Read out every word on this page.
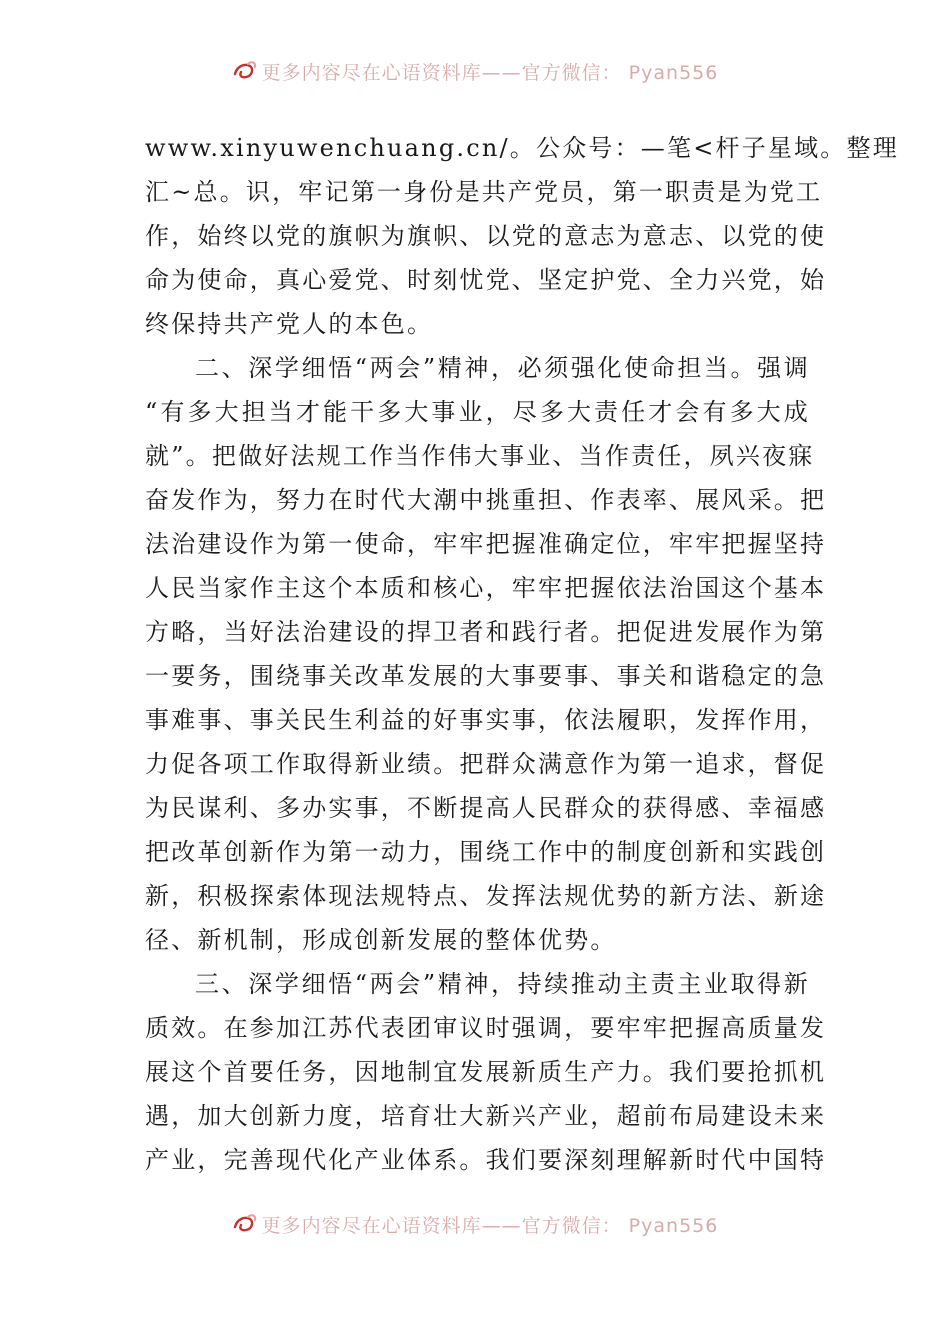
更多内容尽在心语资料库——官方微信： Pyan556
www.xinyuwenchuang.cn/。公众号：—笔<杆子星域。整理
汇~总。识，牢记第一身份是共产党员，第一职责是为党工
作，始终以党的旗帜为旗帜、以党的意志为意志、以党的使
命为使命，真心爱党、时刻忧党、坚定护党、全力兴党，始
终保持共产党人的本色。
二、深学细悟“两会”精神，必须强化使命担当。强调
“有多大担当才能干多大事业，尽多大责任才会有多大成
就”。把做好法规工作当作伟大事业、当作责任，夙兴夜寐
奋发作为，努力在时代大潮中挑重担、作表率、展风采。把
法治建设作为第一使命，牢牢把握准确定位，牢牢把握坚持
人民当家作主这个本质和核心，牢牢把握依法治国这个基本
方略，当好法治建设的捍卫者和践行者。把促进发展作为第
一要务，围绕事关改革发展的大事要事、事关和谐稳定的急
事难事、事关民生利益的好事实事，依法履职，发挥作用，
力促各项工作取得新业绩。把群众满意作为第一追求，督促
为民谋利、多办实事，不断提高人民群众的获得感、幸福感
把改革创新作为第一动力，围绕工作中的制度创新和实践创
新，积极探索体现法规特点、发挥法规优势的新方法、新途
径、新机制，形成创新发展的整体优势。
三、深学细悟“两会”精神，持续推动主责主业取得新
质效。在参加江苏代表团审议时强调，要牢牢把握高质量发
展这个首要任务，因地制宜发展新质生产力。我们要抢抓机
遇，加大创新力度，培育壮大新兴产业，超前布局建设未来
产业，完善现代化产业体系。我们要深刻理解新时代中国特
更多内容尽在心语资料库——官方微信： Pyan556
